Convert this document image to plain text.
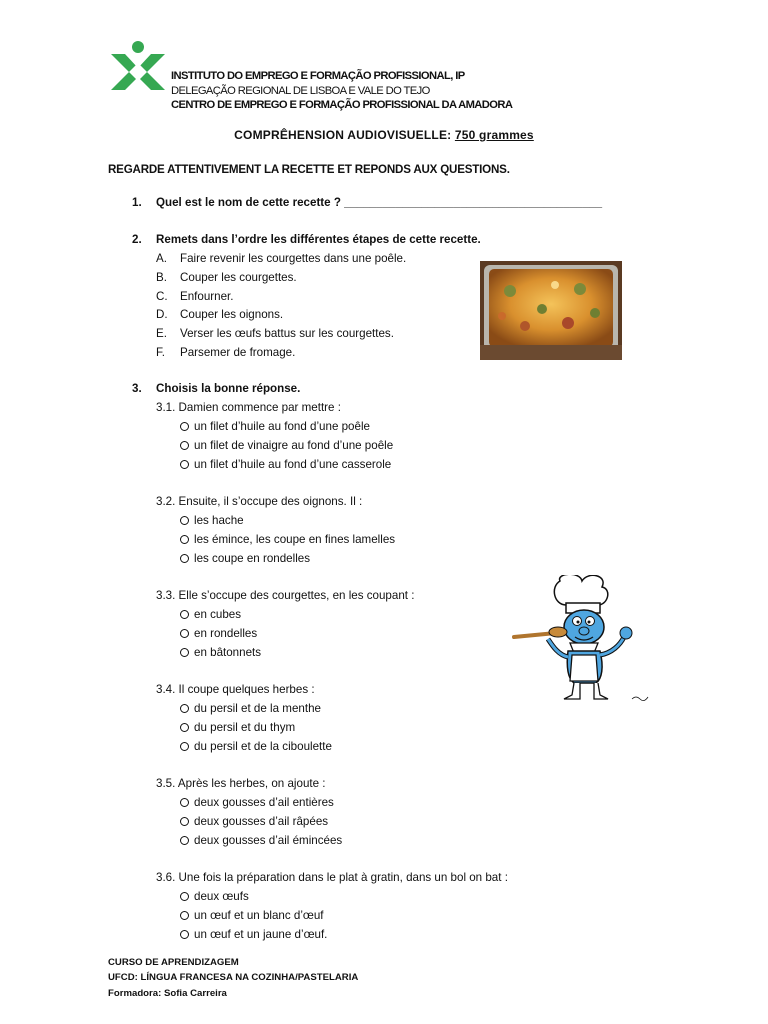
INSTITUTO DO EMPREGO E FORMAÇÃO PROFISSIONAL, IP
DELEGAÇÃO REGIONAL DE LISBOA E VALE DO TEJO
CENTRO DE EMPREGO E FORMAÇÃO PROFISSIONAL DA AMADORA
COMPRÊHENSION AUDIOVISUELLE: 750 grammes
REGARDE ATTENTIVEMENT LA RECETTE ET REPONDS AUX QUESTIONS.
1. Quel est le nom de cette recette ? ________________________________________
2. Remets dans l’ordre les différentes étapes de cette recette.
A. Faire revenir les courgettes dans une poêle.
B. Couper les courgettes.
C. Enfourner.
D. Couper les oignons.
E. Verser les œufs battus sur les courgettes.
F. Parsemer de fromage.
3. Choisis la bonne réponse.
3.1. Damien commence par mettre :
un filet d’huile au fond d’une poêle
un filet de vinaigre au fond d’une poêle
un filet d’huile au fond d’une casserole
3.2. Ensuite, il s’occupe des oignons. Il :
les hache
les émince, les coupe en fines lamelles
les coupe en rondelles
3.3. Elle s’occupe des courgettes, en les coupant :
en cubes
en rondelles
en bâtonnets
3.4. Il coupe quelques herbes :
du persil et de la menthe
du persil et du thym
du persil et de la ciboulette
3.5. Après les herbes, on ajoute :
deux gousses d’ail entières
deux gousses d’ail râpées
deux gousses d’ail émincées
3.6. Une fois la préparation dans le plat à gratin, dans un bol on bat :
deux œufs
un œuf et un blanc d’œuf
un œuf et un jaune d’œuf.
CURSO DE APRENDIZAGEM
UFCD: LÍNGUA FRANCESA NA COZINHA/PASTELARIA
Formadora: Sofia Carreira
